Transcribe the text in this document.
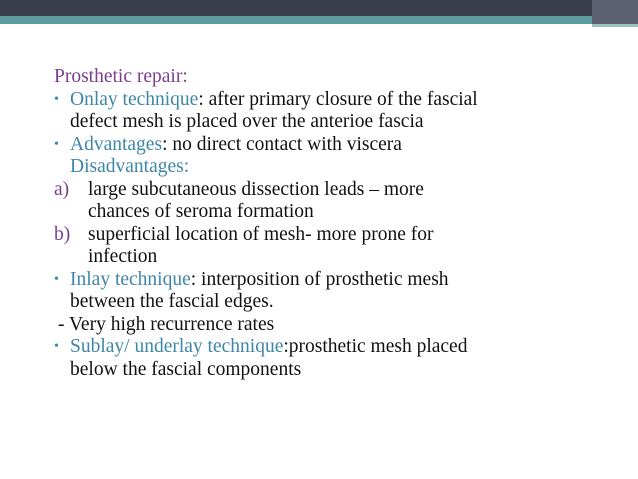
Prosthetic repair:
• Onlay technique: after primary closure of the fascial
defect mesh is placed over the anterioe fascia
• Advantages: no direct contact with viscera
Disadvantages:
a) large subcutaneous dissection leads – more
chances of seroma formation
b) superficial location of mesh- more prone for
infection
• Inlay technique: interposition of prosthetic mesh
between the fascial edges.
- Very high recurrence rates
• Sublay/ underlay technique:prosthetic mesh placed
below the fascial components
